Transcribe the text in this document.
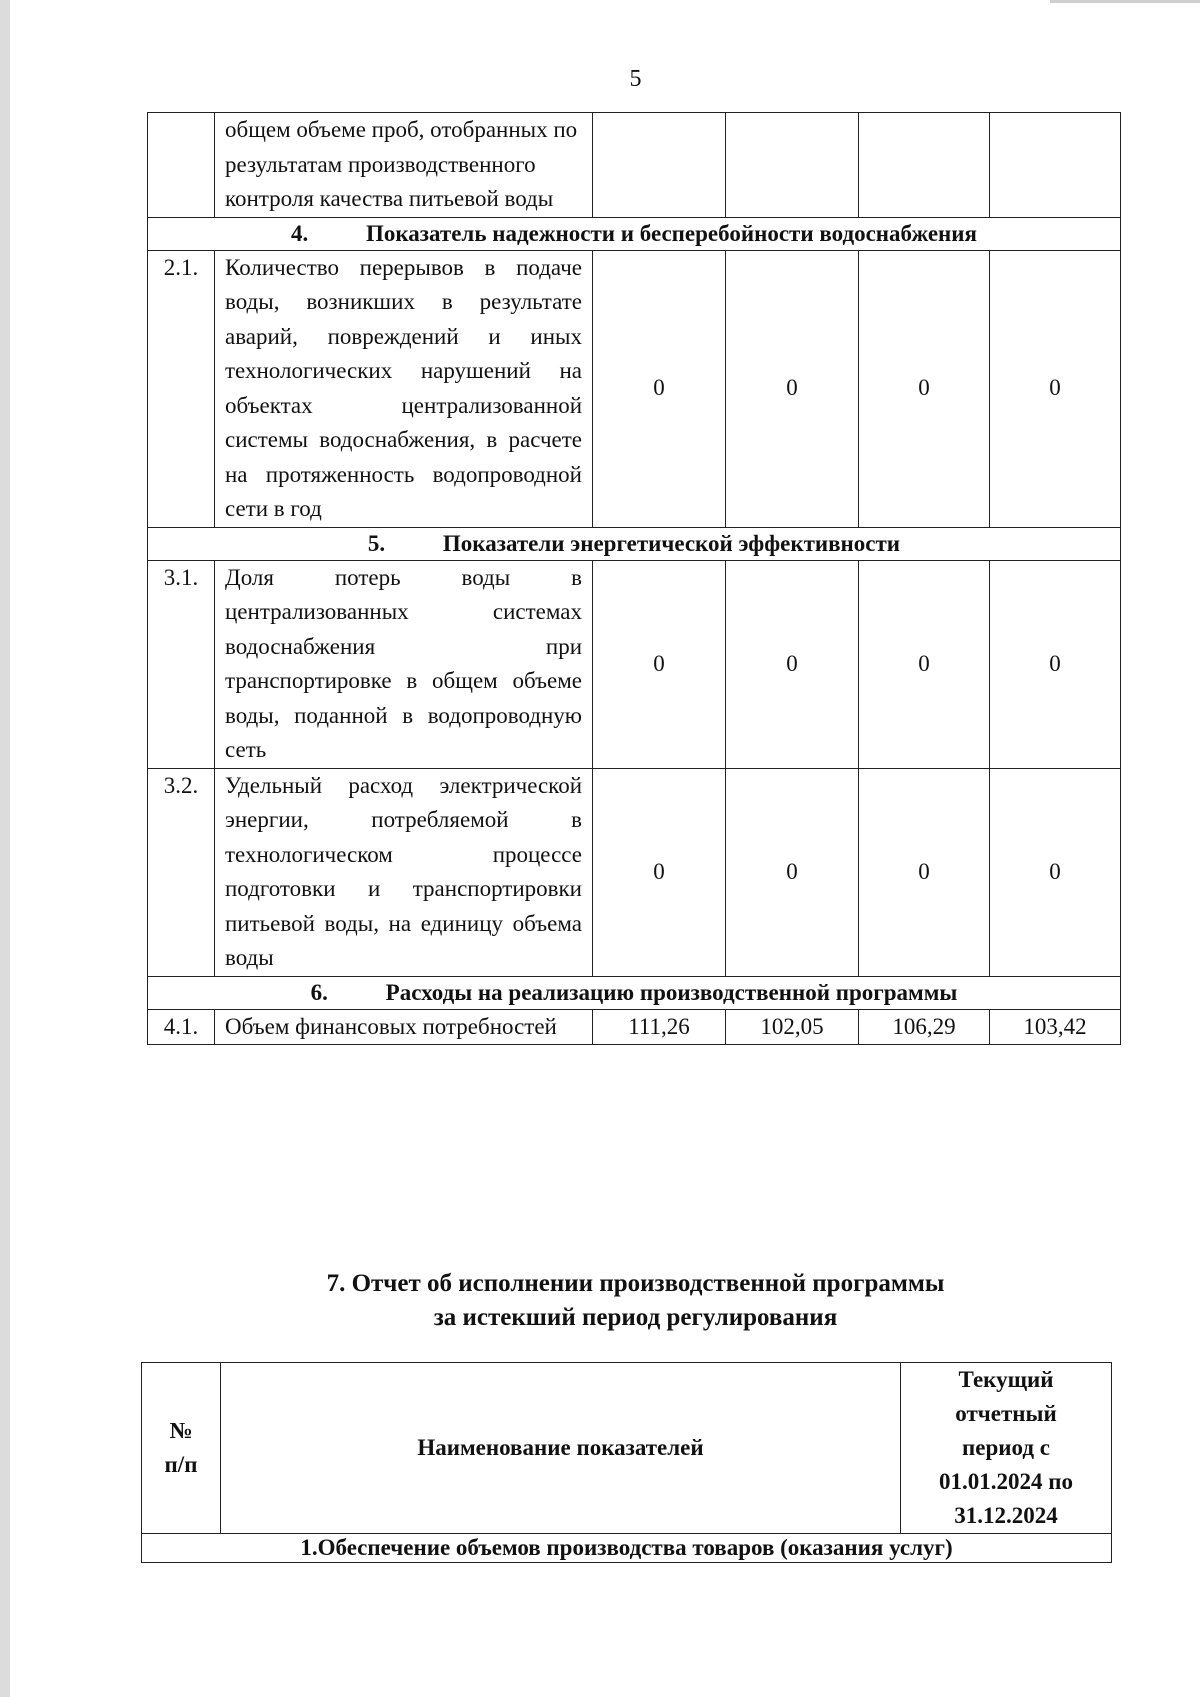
5
	общем объеме проб, отобранных по результатам производственного контроля качества питьевой воды				
4. Показатель надежности и бесперебойности водоснабжения					
2.1.	Количество перерывов в подаче воды, возникших в результате аварий, повреждений и иных технологических нарушений на объектах централизованной системы водоснабжения, в расчете на протяженность водопроводной сети в год	0	0	0	0
5. Показатели энергетической эффективности					
3.1.	Доля потерь воды в централизованных системах водоснабжения при транспортировке в общем объеме воды, поданной в водопроводную сеть	0	0	0	0
3.2.	Удельный расход электрической энергии, потребляемой в технологическом процессе подготовки и транспортировки питьевой воды, на единицу объема воды	0	0	0	0
6. Расходы на реализацию производственной программы					
4.1.	Объем финансовых потребностей	111,26	102,05	106,29	103,42
7. Отчет об исполнении производственной программы
за истекший период регулирования
№ п/п	Наименование показателей	Текущий отчетный период с 01.01.2024 по 31.12.2024
1.Обеспечение объемов производства товаров (оказания услуг)
